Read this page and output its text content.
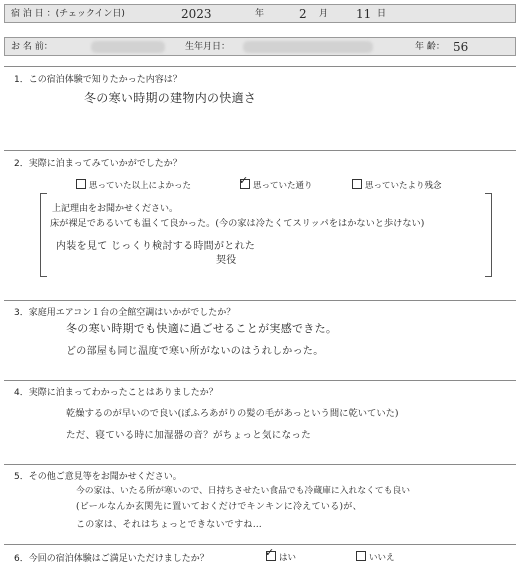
宿 泊 日 ：(チェックイン日)	2023	年	2	月 11 日
お 名 前：	生年月日：	年 齢： 56
1．この宿泊体験で知りたかった内容は？
冬の寒い時期の建物内の快適さ
2．実際に泊まってみていかがでしたか？
思っていた以上によかった	✓ 思っていた通り	思っていたより残念
上記理由をお聞かせください。
床が裸足であるいても温くて良かった。(今の家は冷たくてスリッパをはかないと歩けない)
内装を見て じっくり検討する時間がとれた
契役
3．家庭用エアコン１台の全館空調はいかがでしたか？
冬の寒い時期でも快適に過ごせることが実感できた。
どの部屋も同じ温度で寒い所がないのはうれしかった。
4．実際に泊まってわかったことはありましたか？
乾燥するのが早いので良い(ぼふろあがりの髪の毛があっという間に乾いていた)
ただ、寝ている時に加湿器の音？がちょっと気になった
5．その他ご意見等をお聞かせください。
今の家は、いたる所が寒いので、日持ちさせたい食品でも冷蔵庫に入れなくても良い
(ビールなんか玄関先に置いておくだけでキンキンに冷えている)が、
この家は、それはちょっとできないですね…
6．今回の宿泊体験はご満足いただけましたか？	✓ はい	いいえ
